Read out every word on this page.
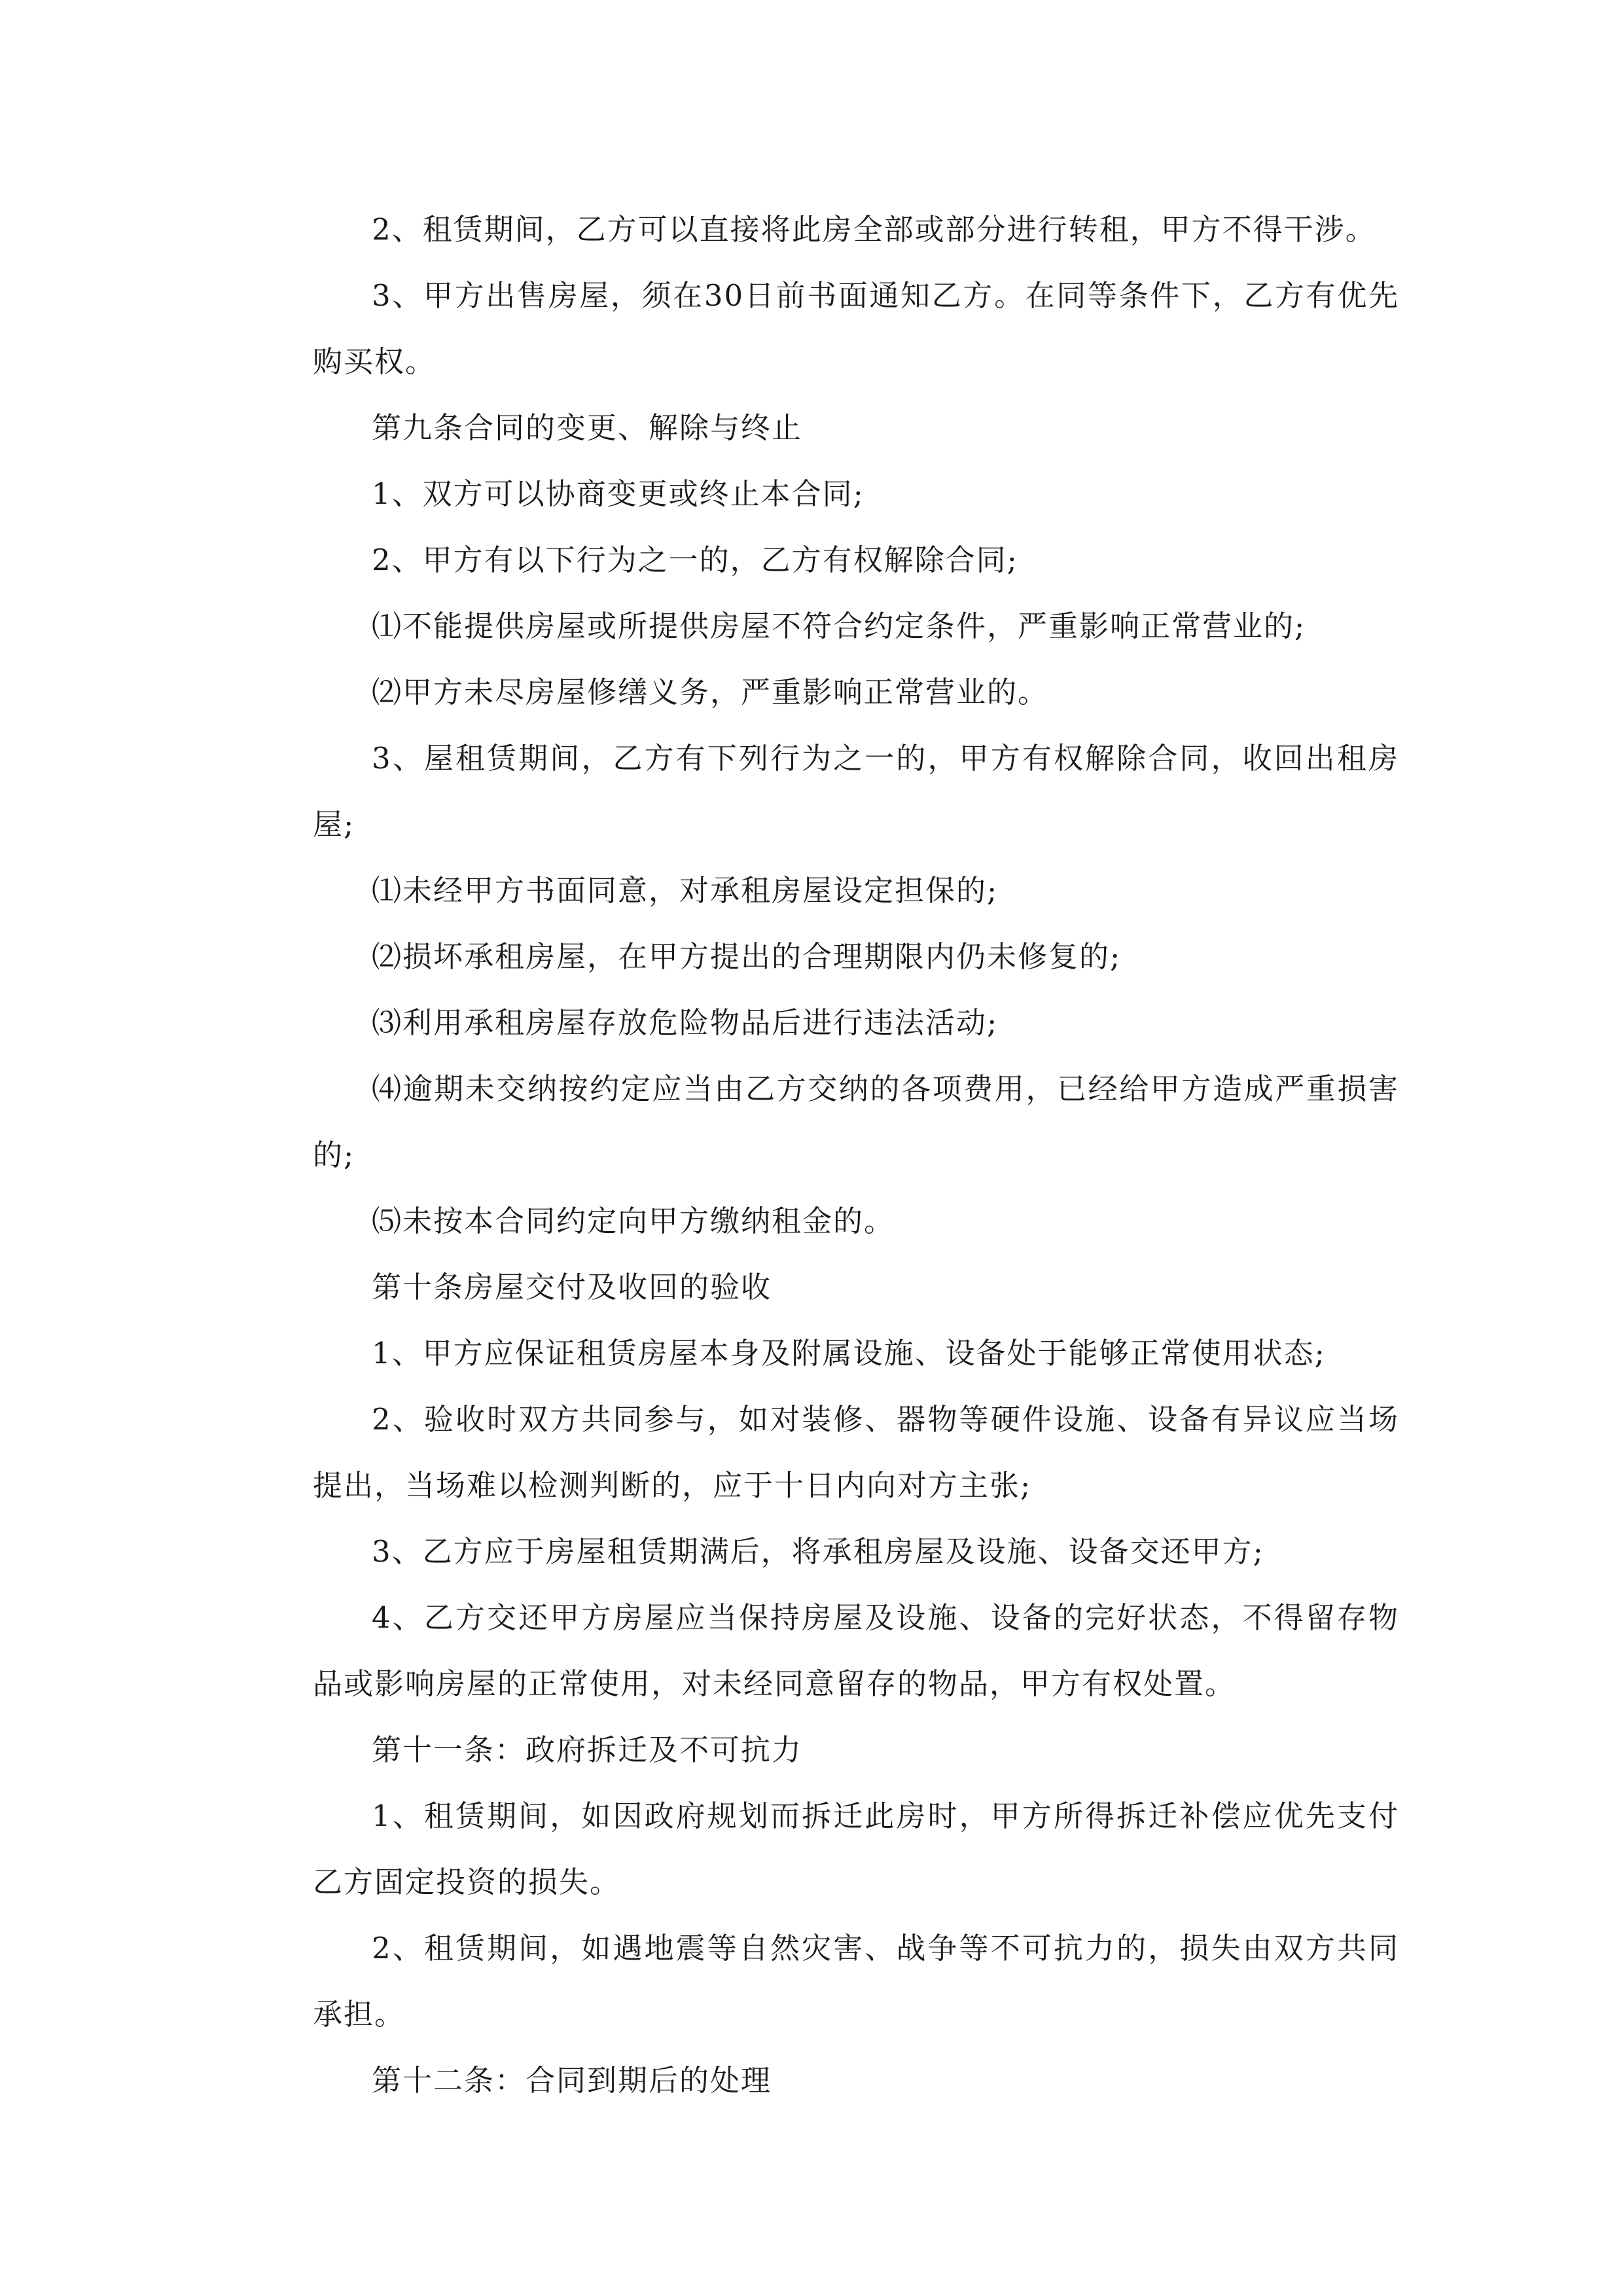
2、租赁期间，乙方可以直接将此房全部或部分进行转租，甲方不得干涉。

3、甲方出售房屋，须在30日前书面通知乙方。在同等条件下，乙方有优先购买权。

第九条合同的变更、解除与终止

1、双方可以协商变更或终止本合同;

2、甲方有以下行为之一的，乙方有权解除合同;

⑴不能提供房屋或所提供房屋不符合约定条件，严重影响正常营业的;

⑵甲方未尽房屋修缮义务，严重影响正常营业的。

3、屋租赁期间，乙方有下列行为之一的，甲方有权解除合同，收回出租房屋;

⑴未经甲方书面同意，对承租房屋设定担保的;

⑵损坏承租房屋，在甲方提出的合理期限内仍未修复的;

⑶利用承租房屋存放危险物品后进行违法活动;

⑷逾期未交纳按约定应当由乙方交纳的各项费用，已经给甲方造成严重损害的;

⑸未按本合同约定向甲方缴纳租金的。

第十条房屋交付及收回的验收

1、甲方应保证租赁房屋本身及附属设施、设备处于能够正常使用状态;

2、验收时双方共同参与，如对装修、器物等硬件设施、设备有异议应当场提出，当场难以检测判断的，应于十日内向对方主张;

3、乙方应于房屋租赁期满后，将承租房屋及设施、设备交还甲方;

4、乙方交还甲方房屋应当保持房屋及设施、设备的完好状态，不得留存物品或影响房屋的正常使用，对未经同意留存的物品，甲方有权处置。

第十一条：政府拆迁及不可抗力

1、租赁期间，如因政府规划而拆迁此房时，甲方所得拆迁补偿应优先支付乙方固定投资的损失。

2、租赁期间，如遇地震等自然灾害、战争等不可抗力的，损失由双方共同承担。

第十二条：合同到期后的处理
